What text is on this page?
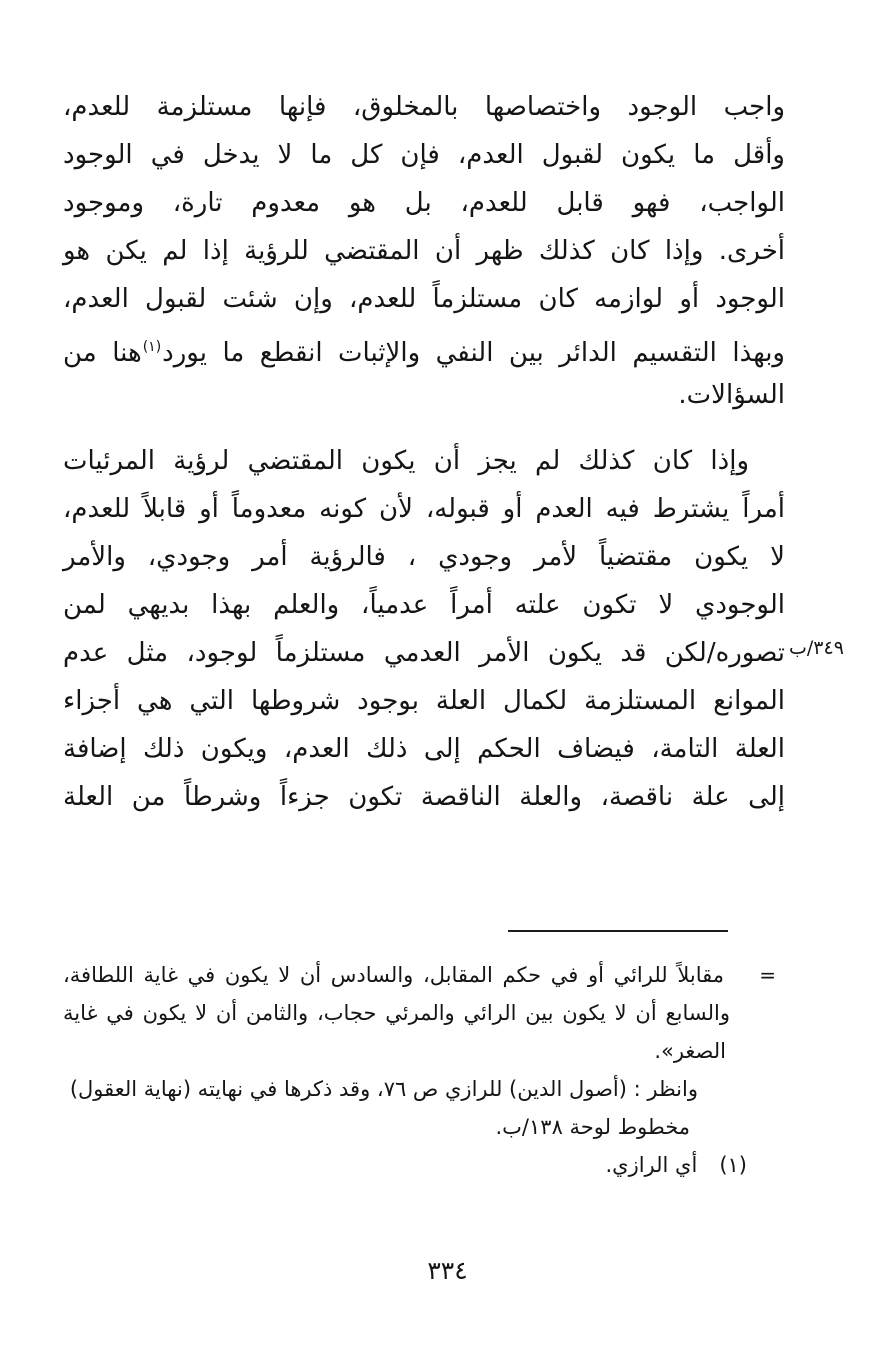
واجب الوجود واختصاصها بالمخلوق، فإنها مستلزمة للعدم،
وأقل ما يكون لقبول العدم، فإن كل ما لا يدخل في الوجود
الواجب، فهو قابل للعدم، بل هو معدوم تارة، وموجود
أخرى. وإذا كان كذلك ظهر أن المقتضي للرؤية إذا لم يكن هو
الوجود أو لوازمه كان مستلزماً للعدم، وإن شئت لقبول العدم،
وبهذا التقسيم الدائر بين النفي والإثبات انقطع ما يورد$^{(١)}$هنا من
السؤالات.
وإذا كان كذلك لم يجز أن يكون المقتضي لرؤية المرئيات
أمراً يشترط فيه العدم أو قبوله، لأن كونه معدوماً أو قابلاً للعدم،
لا يكون مقتضياً لأمر وجودي ، فالرؤية أمر وجودي، والأمر
الوجودي لا تكون علته أمراً عدمياً، والعلم بهذا بديهي لمن
تصوره/لكن قد يكون الأمر العدمي مستلزماً لوجود، مثل عدم
الموانع المستلزمة لكمال العلة بوجود شروطها التي هي أجزاء
العلة التامة، فيضاف الحكم إلى ذلك العدم، ويكون ذلك إضافة
إلى علة ناقصة، والعلة الناقصة تكون جزءاً وشرطاً من العلة
٣٤٩/ب
=
مقابلاً للرائي أو في حكم المقابل، والسادس أن لا يكون في غاية اللطافة،
والسابع أن لا يكون بين الرائي والمرئي حجاب، والثامن أن لا يكون في غاية
الصغر».
وانظر : (أصول الدين) للرازي ص ٧٦، وقد ذكرها في نهايته (نهاية العقول)
مخطوط لوحة ١٣٨/ب.
(١)أي الرازي.
٣٣٤
